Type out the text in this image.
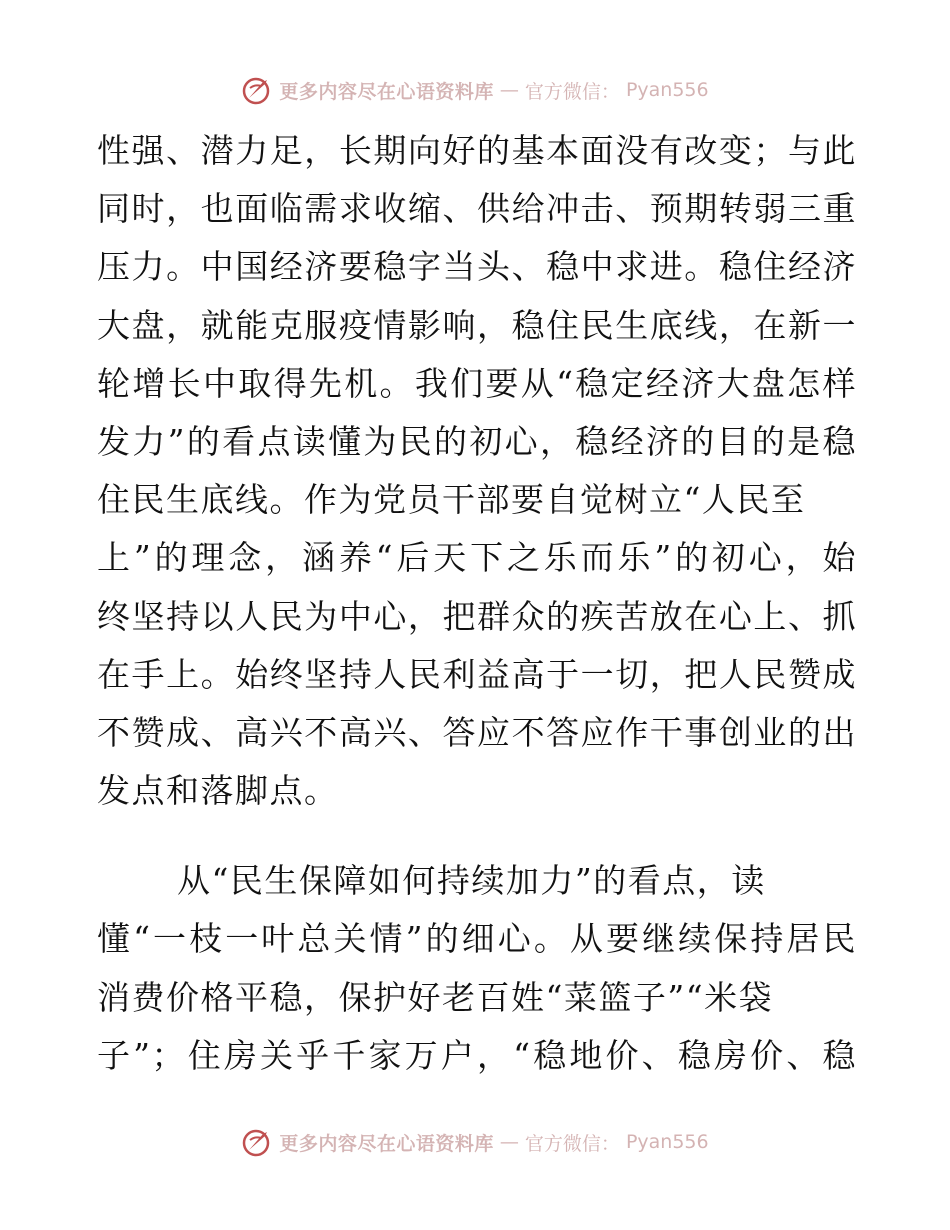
更多内容尽在心语资料库 — 官方微信： Pyan556
性强、潜力足，长期向好的基本面没有改变；与此
同时，也面临需求收缩、供给冲击、预期转弱三重
压力。中国经济要稳字当头、稳中求进。稳住经济
大盘，就能克服疫情影响，稳住民生底线，在新一
轮增长中取得先机。我们要从“稳定经济大盘怎样
发力”的看点读懂为民的初心，稳经济的目的是稳
住民生底线。作为党员干部要自觉树立“人民至
上”的理念，涵养“后天下之乐而乐”的初心，始
终坚持以人民为中心，把群众的疾苦放在心上、抓
在手上。始终坚持人民利益高于一切，把人民赞成
不赞成、高兴不高兴、答应不答应作干事创业的出
发点和落脚点。
从“民生保障如何持续加力”的看点，读
懂“一枝一叶总关情”的细心。从要继续保持居民
消费价格平稳，保护好老百姓“菜篮子”“米袋
子”；住房关乎千家万户，“稳地价、稳房价、稳
更多内容尽在心语资料库 — 官方微信： Pyan556
